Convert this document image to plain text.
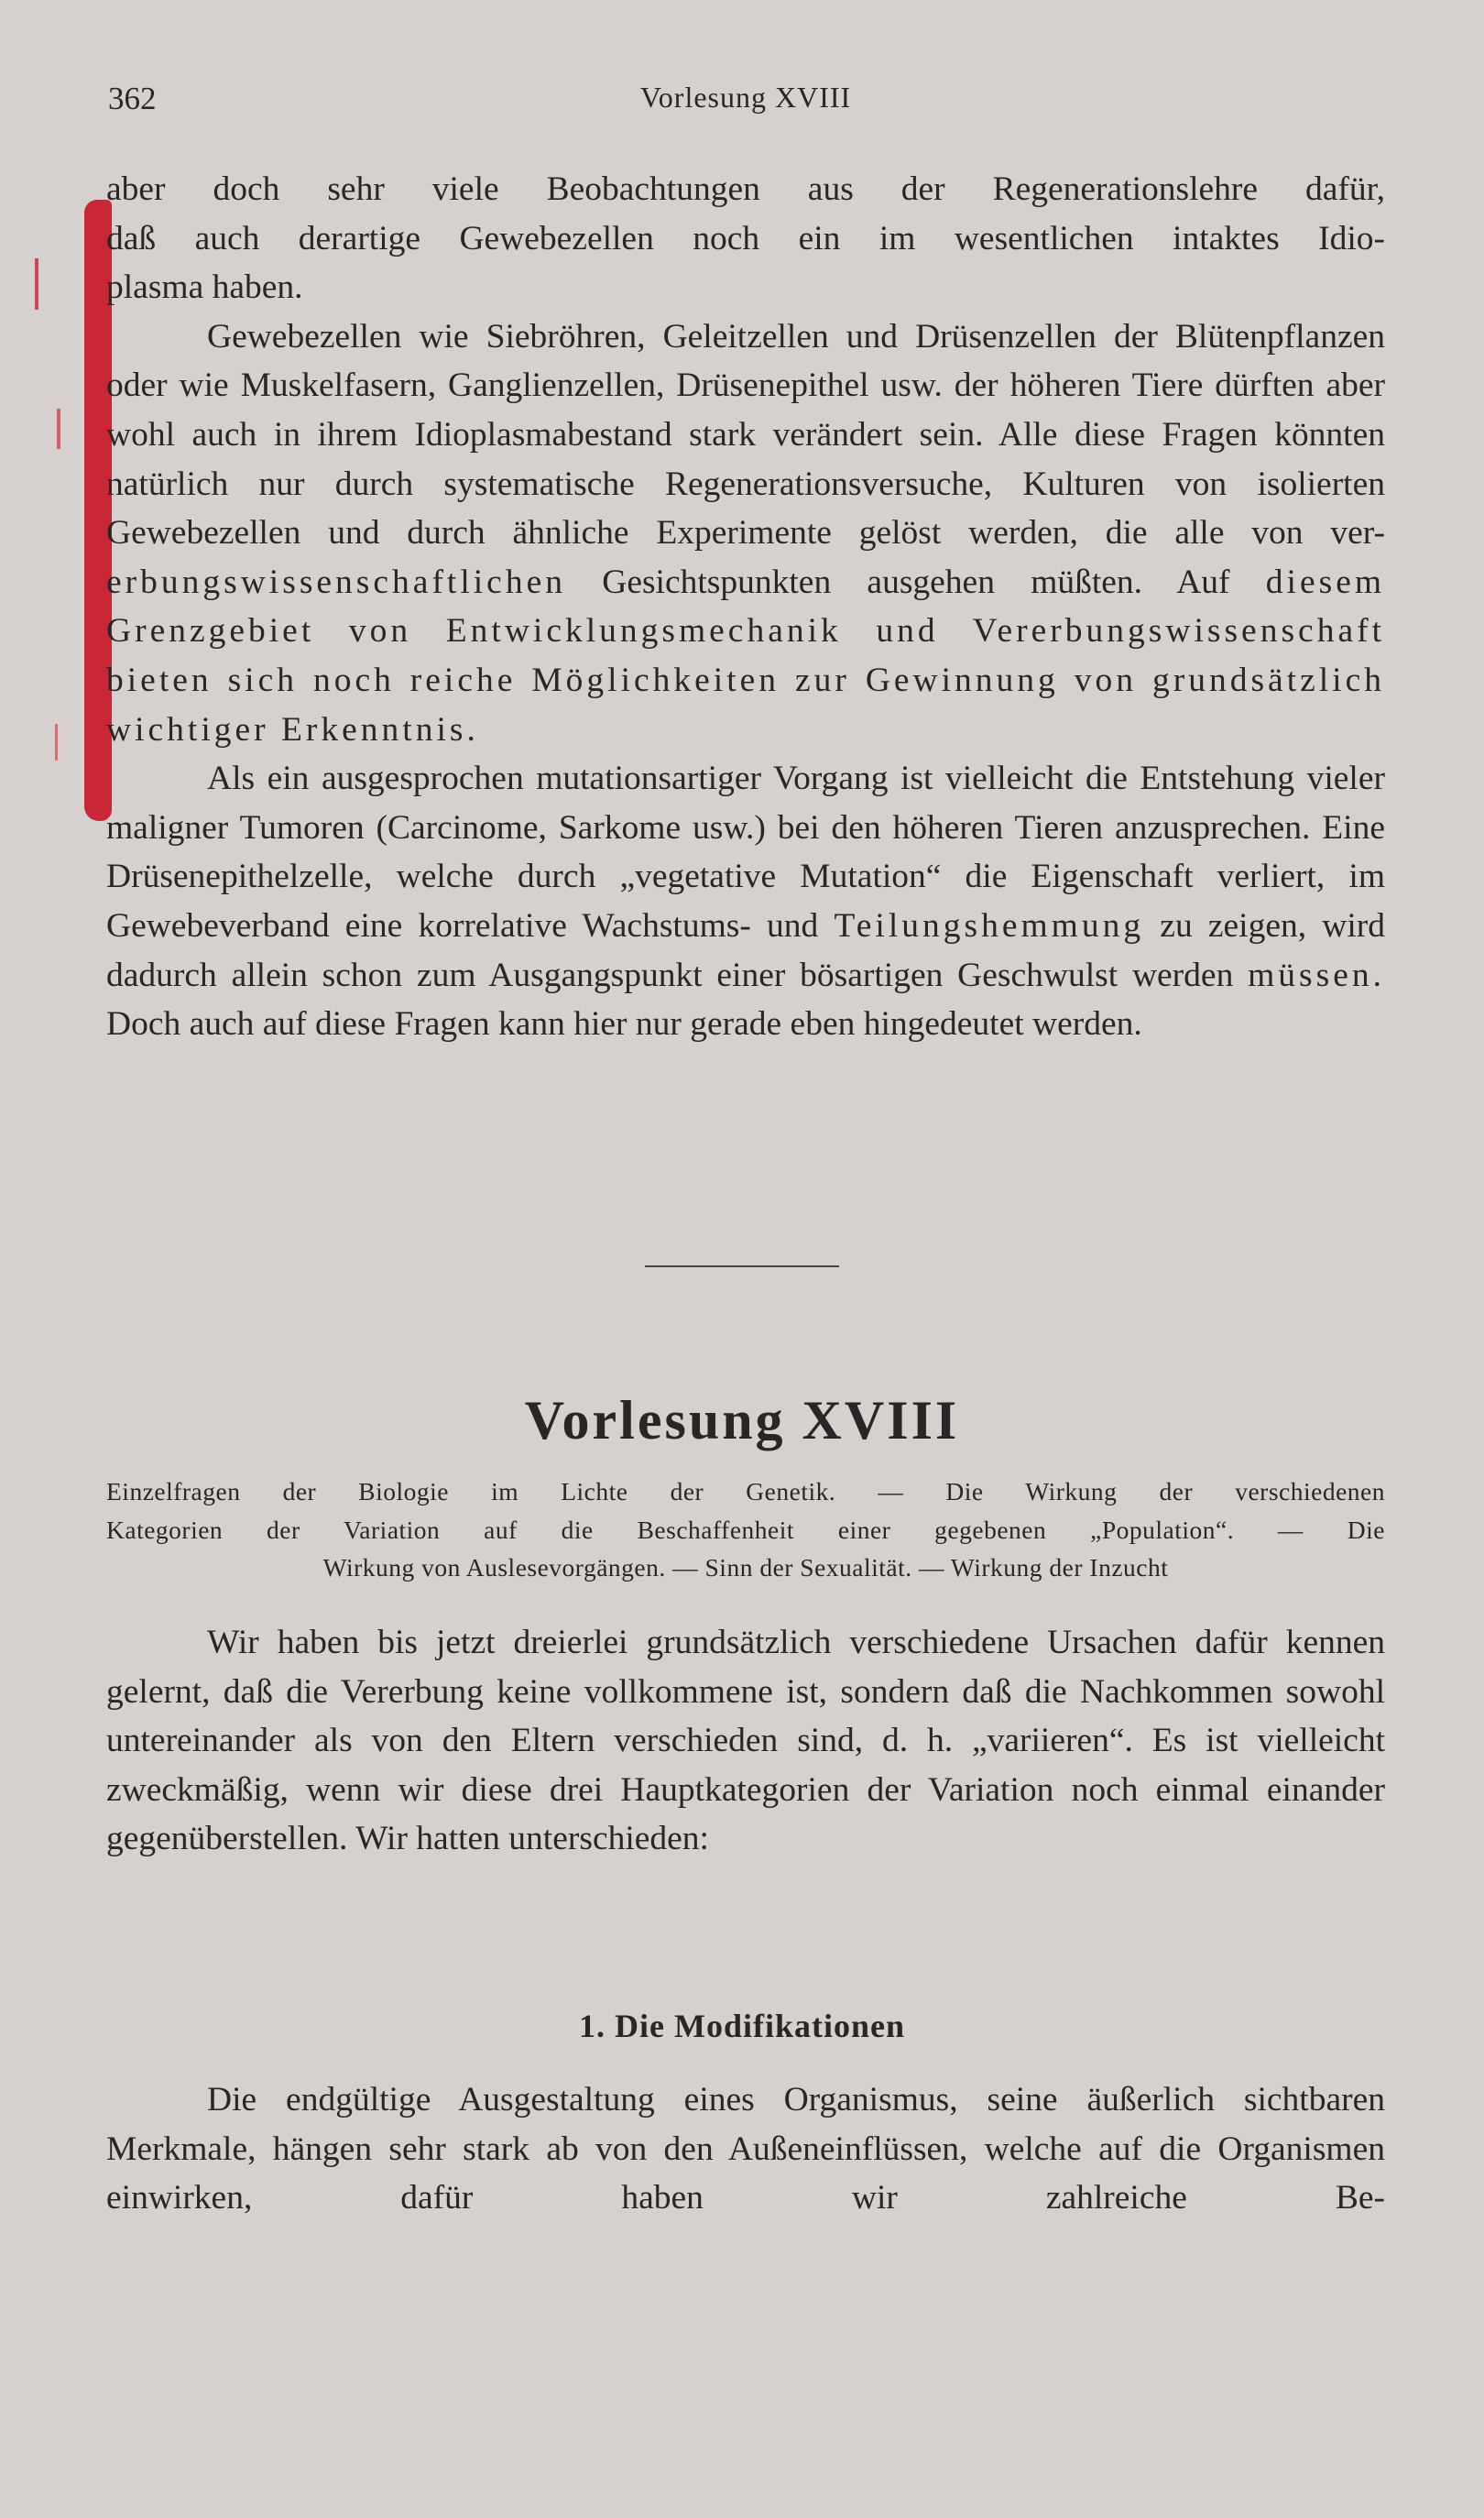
362	Vorlesung XVIII

aber doch sehr viele Beobachtungen aus der Regenerationslehre dafür,

daß auch derartige Gewebezellen noch ein im wesentlichen intaktes Idio-

plasma haben.

Gewebezellen wie Siebröhren, Geleitzellen und Drüsenzellen der Blütenpflanzen oder wie Muskelfasern, Ganglienzellen, Drüsenepithel usw. der höheren Tiere dürften aber wohl auch in ihrem Idioplasmabestand stark verändert sein. Alle diese Fragen könnten natürlich nur durch systematische Regenerationsversuche, Kulturen von isolierten Gewebezellen und durch ähnliche Experimente gelöst werden, die alle von ver- erbungswissenschaftlichen Gesichtspunkten ausgehen müßten. Auf diesem Grenzgebiet von Entwicklungsmechanik und Vererbungswissenschaft bieten sich noch reiche Möglichkeiten zur Gewinnung von grundsätzlich wichtiger Erkenntnis.

Als ein ausgesprochen mutationsartiger Vorgang ist vielleicht die Entstehung vieler maligner Tumoren (Carcinome, Sarkome usw.) bei den höheren Tieren anzusprechen. Eine Drüsenepithelzelle, welche durch „vegetative Mutation“ die Eigenschaft verliert, im Gewebeverband eine korrelative Wachstums- und Teilungshemmung zu zeigen, wird dadurch allein schon zum Ausgangspunkt einer bösartigen Geschwulst werden müssen. Doch auch auf diese Fragen kann hier nur gerade eben hingedeutet werden.

Vorlesung XVIII

Einzelfragen der Biologie im Lichte der Genetik. — Die Wirkung der verschiedenen

Kategorien der Variation auf die Beschaffenheit einer gegebenen „Population“. — Die

Wirkung von Auslesevorgängen. — Sinn der Sexualität. — Wirkung der Inzucht

Wir haben bis jetzt dreierlei grundsätzlich verschiedene Ursachen dafür kennen gelernt, daß die Vererbung keine vollkommene ist, sondern daß die Nachkommen sowohl untereinander als von den Eltern verschieden sind, d. h. „variieren“. Es ist vielleicht zweckmäßig, wenn wir diese drei Hauptkategorien der Variation noch einmal einander gegenüberstellen. Wir hatten unterschieden:

1. Die Modifikationen

Die endgültige Ausgestaltung eines Organismus, seine äußerlich sichtbaren Merkmale, hängen sehr stark ab von den Außeneinflüssen, welche auf die Organismen einwirken, dafür haben wir zahlreiche Be-
